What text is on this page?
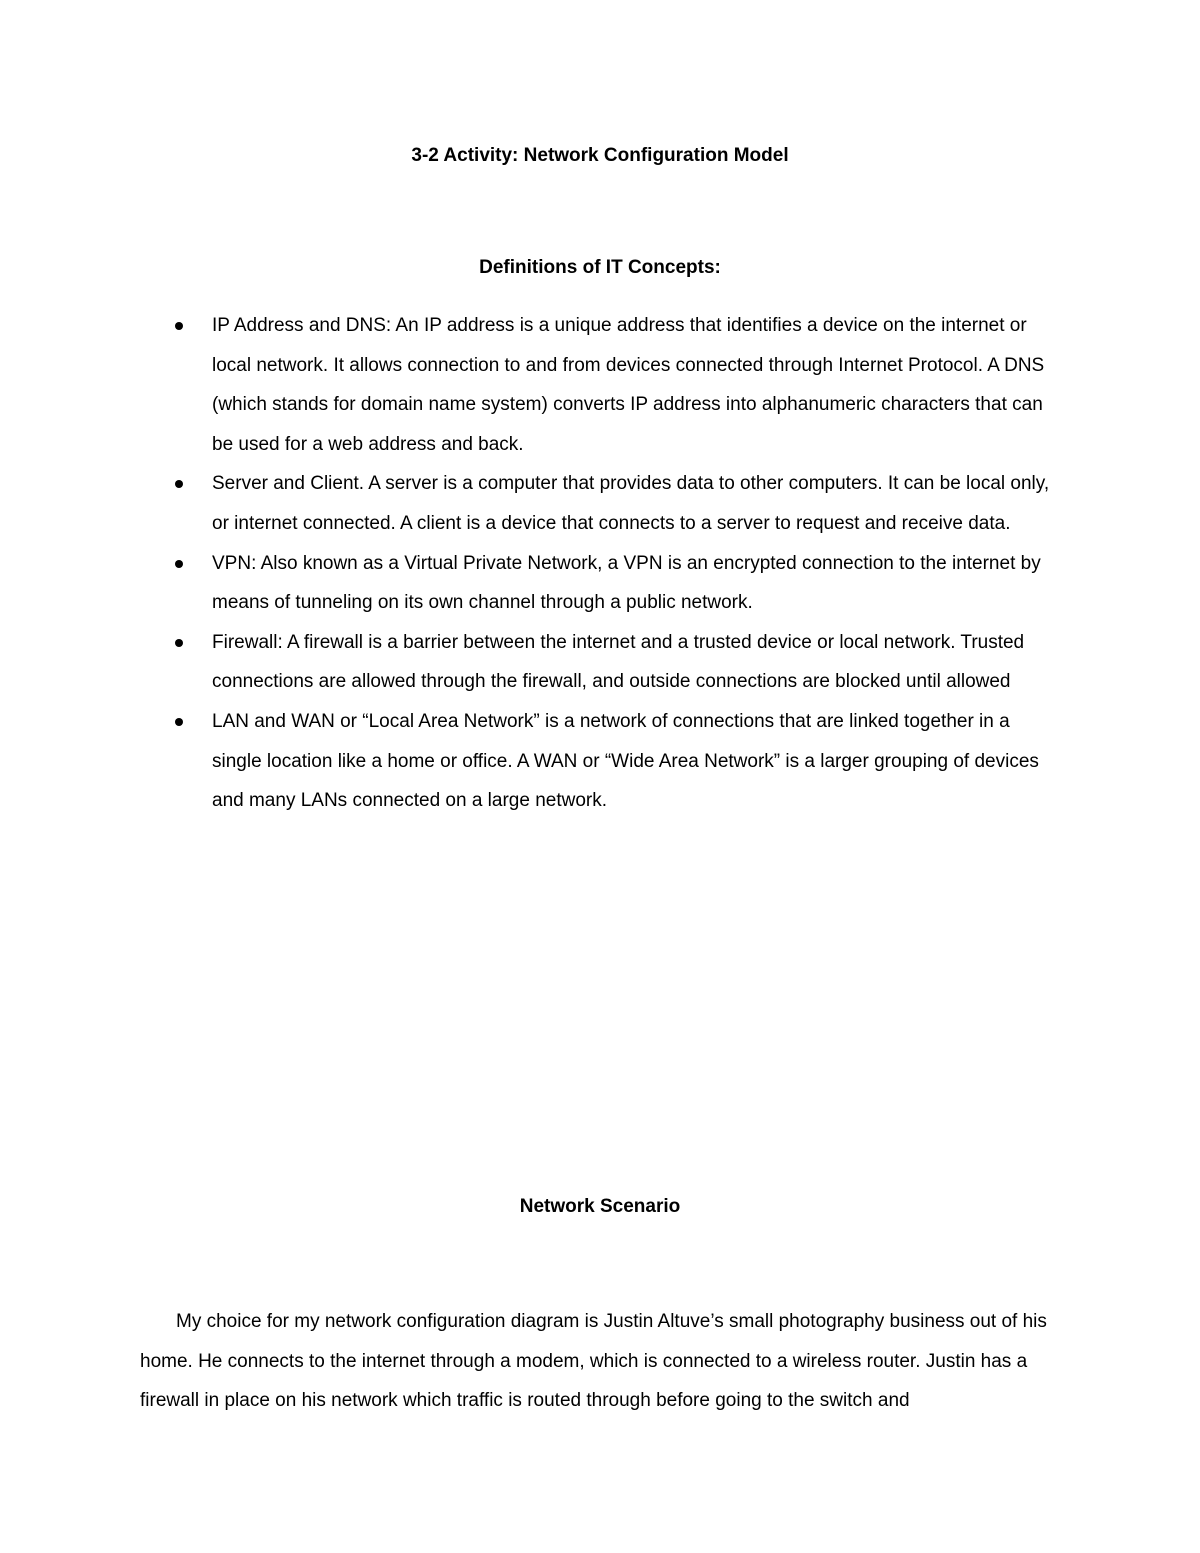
3-2 Activity: Network Configuration Model
Definitions of IT Concepts:
IP Address and DNS: An IP address is a unique address that identifies a device on the internet or local network. It allows connection to and from devices connected through Internet Protocol. A DNS (which stands for domain name system) converts IP address into alphanumeric characters that can be used for a web address and back.
Server and Client. A server is a computer that provides data to other computers. It can be local only, or internet connected. A client is a device that connects to a server to request and receive data.
VPN: Also known as a Virtual Private Network, a VPN is an encrypted connection to the internet by means of tunneling on its own channel through a public network.
Firewall: A firewall is a barrier between the internet and a trusted device or local network. Trusted connections are allowed through the firewall, and outside connections are blocked until allowed
LAN and WAN or “Local Area Network” is a network of connections that are linked together in a single location like a home or office. A WAN or “Wide Area Network” is a larger grouping of devices and many LANs connected on a large network.
Network Scenario

My choice for my network configuration diagram is Justin Altuve’s small photography business out of his home. He connects to the internet through a modem, which is connected to a wireless router. Justin has a firewall in place on his network which traffic is routed through before going to the switch and
